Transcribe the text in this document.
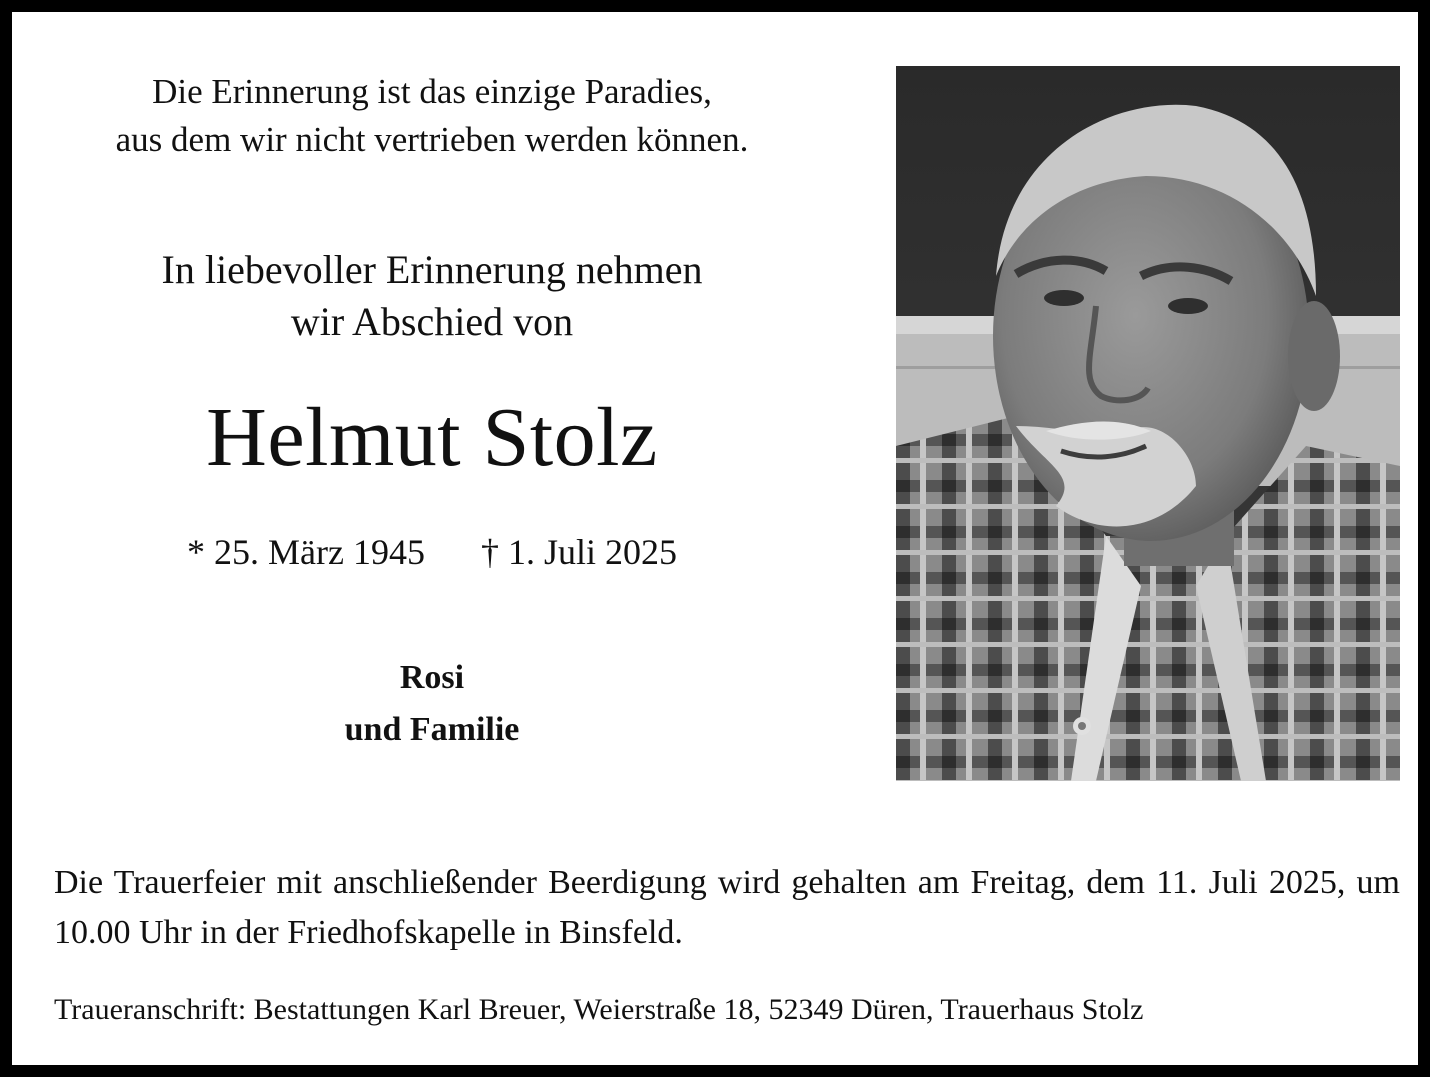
Die Erinnerung ist das einzige Paradies,
aus dem wir nicht vertrieben werden können.
In liebevoller Erinnerung nehmen
wir Abschied von
Helmut Stolz
* 25. März 1945 † 1. Juli 2025
Rosi
und Familie
Die Trauerfeier mit anschließender Beerdigung wird gehalten am Freitag, dem 11. Juli 2025, um 10.00 Uhr in der Friedhofskapelle in Binsfeld.
Traueranschrift: Bestattungen Karl Breuer, Weierstraße 18, 52349 Düren, Trauerhaus Stolz
